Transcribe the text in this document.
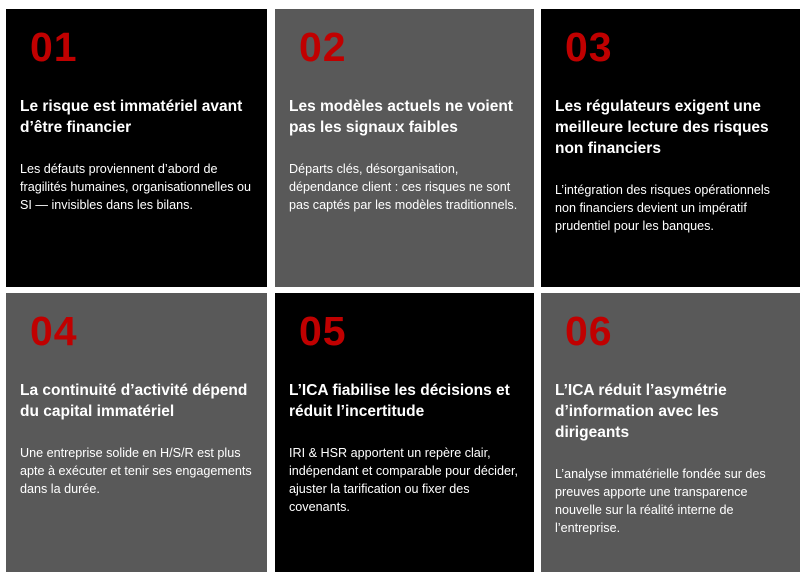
01
Le risque est immatériel avant d’être financier
Les défauts proviennent d’abord de fragilités humaines, organisationnelles ou SI — invisibles dans les bilans.
02
Les modèles actuels ne voient pas les signaux faibles
Départs clés, désorganisation, dépendance client : ces risques ne sont pas captés par les modèles traditionnels.
03
Les régulateurs exigent une meilleure lecture des risques non financiers
L’intégration des risques opérationnels non financiers devient un impératif prudentiel pour les banques.
04
La continuité d’activité dépend du capital immatériel
Une entreprise solide en H/S/R est plus apte à exécuter et tenir ses engagements dans la durée.
05
L’ICA fiabilise les décisions et réduit l’incertitude
IRI & HSR apportent un repère clair, indépendant et comparable pour décider, ajuster la tarification ou fixer des covenants.
06
L’ICA réduit l’asymétrie d’information avec les dirigeants
L’analyse immatérielle fondée sur des preuves apporte une transparence nouvelle sur la réalité interne de l’entreprise.
